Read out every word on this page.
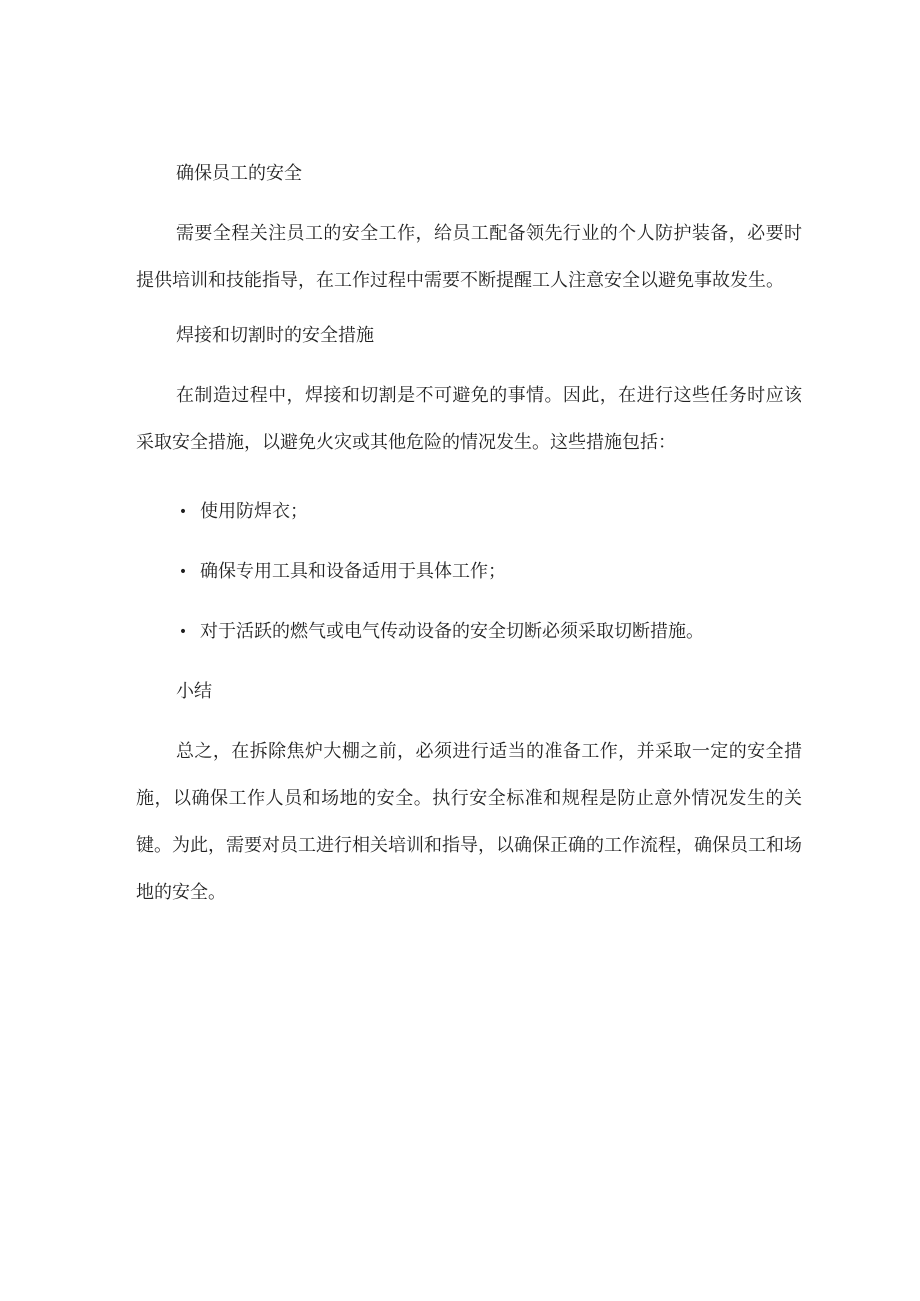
确保员工的安全

需要全程关注员工的安全工作，给员工配备领先行业的个人防护装备，必要时提供培训和技能指导，在工作过程中需要不断提醒工人注意安全以避免事故发生。

焊接和切割时的安全措施

在制造过程中，焊接和切割是不可避免的事情。因此，在进行这些任务时应该采取安全措施，以避免火灾或其他危险的情况发生。这些措施包括：

• 使用防焊衣；
• 确保专用工具和设备适用于具体工作；
• 对于活跃的燃气或电气传动设备的安全切断必须采取切断措施。
小结

总之，在拆除焦炉大棚之前，必须进行适当的准备工作，并采取一定的安全措施，以确保工作人员和场地的安全。执行安全标准和规程是防止意外情况发生的关键。为此，需要对员工进行相关培训和指导，以确保正确的工作流程，确保员工和场地的安全。
